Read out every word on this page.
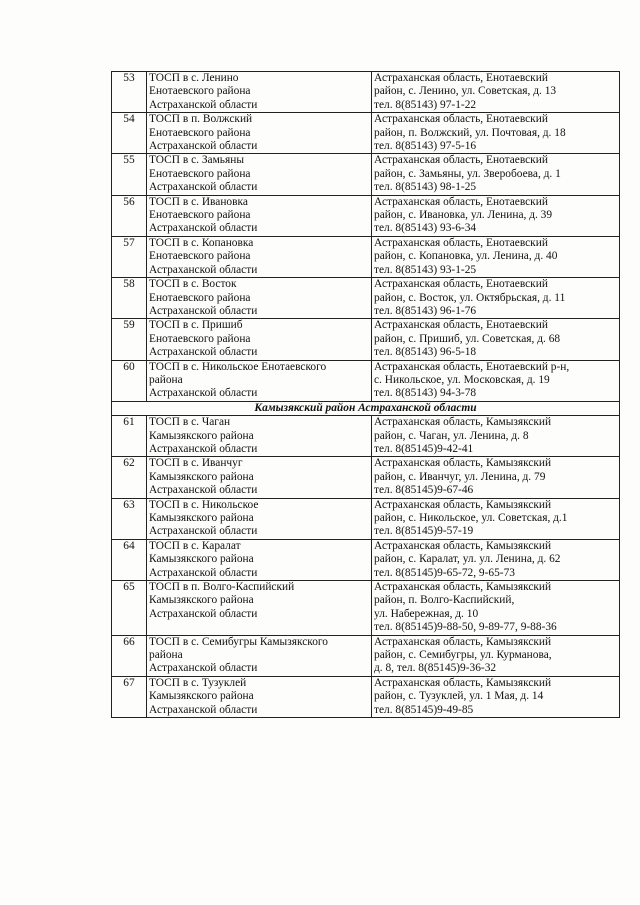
53	ТОСП в с. Ленино
Енотаевского района
Астраханской области	Астраханская область, Енотаевский
район, с. Ленино, ул. Советская, д. 13
тел. 8(85143) 97-1-22
54	ТОСП в п. Волжский
Енотаевского района
Астраханской области	Астраханская область, Енотаевский
район, п. Волжский, ул. Почтовая, д. 18
тел. 8(85143) 97-5-16
55	ТОСП в с. Замьяны
Енотаевского района
Астраханской области	Астраханская область, Енотаевский
район, с. Замьяны, ул. Зверобоева, д. 1
тел. 8(85143) 98-1-25
56	ТОСП в с. Ивановка
Енотаевского района
Астраханской области	Астраханская область, Енотаевский
район, с. Ивановка, ул. Ленина, д. 39
тел. 8(85143) 93-6-34
57	ТОСП в с. Копановка
Енотаевского района
Астраханской области	Астраханская область, Енотаевский
район, с. Копановка, ул. Ленина, д. 40
тел. 8(85143) 93-1-25
58	ТОСП в с. Восток
Енотаевского района
Астраханской области	Астраханская область, Енотаевский
район, с. Восток, ул. Октябрьская, д. 11
тел. 8(85143) 96-1-76
59	ТОСП в с. Пришиб
Енотаевского района
Астраханской области	Астраханская область, Енотаевский
район, с. Пришиб, ул. Советская, д. 68
тел. 8(85143) 96-5-18
60	ТОСП в с. Никольское Енотаевского
района
Астраханской области	Астраханская область, Енотаевский р-н,
с. Никольское, ул. Московская, д. 19
тел. 8(85143) 94-3-78
Камызякский район Астраханской области		
61	ТОСП в с. Чаган
Камызякского района
Астраханской области	Астраханская область, Камызякский
район, с. Чаган, ул. Ленина, д. 8
тел. 8(85145)9-42-41
62	ТОСП в с. Иванчуг
Камызякского района
Астраханской области	Астраханская область, Камызякский
район, с. Иванчуг, ул. Ленина, д. 79
тел. 8(85145)9-67-46
63	ТОСП в с. Никольское
Камызякского района
Астраханской области	Астраханская область, Камызякский
район, с. Никольское, ул. Советская, д.1
тел. 8(85145)9-57-19
64	ТОСП в с. Каралат
Камызякского района
Астраханской области	Астраханская область, Камызякский
район, с. Каралат, ул. ул. Ленина, д. 62
тел. 8(85145)9-65-72, 9-65-73
65	ТОСП в п. Волго-Каспийский
Камызякского района
Астраханской области	Астраханская область, Камызякский
район, п. Волго-Каспийский,
ул. Набережная, д. 10
тел. 8(85145)9-88-50, 9-89-77, 9-88-36
66	ТОСП в с. Семибугры Камызякского
района
Астраханской области	Астраханская область, Камызякский
район, с. Семибугры, ул. Курманова,
д. 8, тел. 8(85145)9-36-32
67	ТОСП в с. Тузуклей
Камызякского района
Астраханской области	Астраханская область, Камызякский
район, с. Тузуклей, ул. 1 Мая, д. 14
тел. 8(85145)9-49-85
